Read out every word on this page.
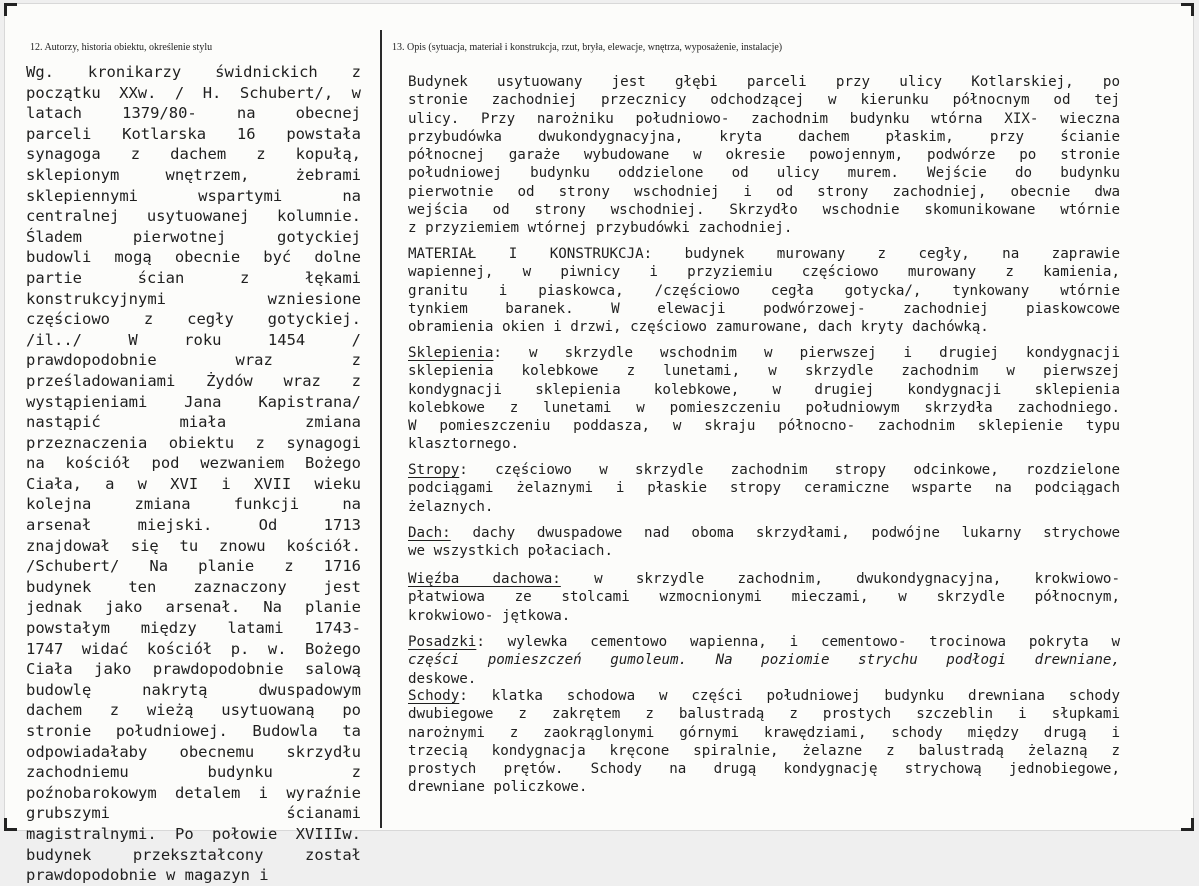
12. Autorzy, historia obiektu, określenie stylu	13. Opis (sytuacja, materiał i konstrukcja, rzut, bryła, elewacje, wnętrza, wyposażenie, instalacje)
Wg. kronikarzy świdnickich z
początku XXw. / H. Schubert/, w
latach 1379/80- na obecnej
parceli Kotlarska 16 powstała
synagoga z dachem z kopułą,
sklepionym wnętrzem, żebrami
sklepiennymi wspartymi na
centralnej usytuowanej kolumnie.
Śladem pierwotnej gotyckiej
budowli mogą obecnie być dolne
partie ścian z łękami
konstrukcyjnymi wzniesione
częściowo z cegły gotyckiej.
/il../ W roku 1454 /
prawdopodobnie wraz z
prześladowaniami Żydów wraz z
wystąpieniami Jana Kapistrana/
nastąpić miała zmiana
przeznaczenia obiektu z synagogi
na kościół pod wezwaniem Bożego
Ciała, a w XVI i XVII wieku
kolejna zmiana funkcji na
arsenał miejski. Od 1713
znajdował się tu znowu kościół.
/Schubert/ Na planie z 1716
budynek ten zaznaczony jest
jednak jako arsenał. Na planie
powstałym między latami 1743-
1747 widać kościół p. w. Bożego
Ciała jako prawdopodobnie salową
budowlę nakrytą dwuspadowym
dachem z wieżą usytuowaną po
stronie południowej. Budowla ta
odpowiadałaby obecnemu skrzydłu
zachodniemu budynku z
poźnobarokowym detalem i wyraźnie
grubszymi ścianami
magistralnymi. Po połowie XVIIIw.
budynek przekształcony został
prawdopodobnie w magazyn i
Budynek usytuowany jest głębi parceli przy ulicy Kotlarskiej, po
stronie zachodniej przecznicy odchodzącej w kierunku północnym od tej
ulicy. Przy narożniku południowo- zachodnim budynku wtórna XIX- wieczna
przybudówka dwukondygnacyjna, kryta dachem płaskim, przy ścianie
północnej garaże wybudowane w okresie powojennym, podwórze po stronie
południowej budynku oddzielone od ulicy murem. Wejście do budynku
pierwotnie od strony wschodniej i od strony zachodniej, obecnie dwa
wejścia od strony wschodniej. Skrzydło wschodnie skomunikowane wtórnie
z przyziemiem wtórnej przybudówki zachodniej.
MATERIAŁ I KONSTRUKCJA: budynek murowany z cegły, na zaprawie
wapiennej, w piwnicy i przyziemiu częściowo murowany z kamienia,
granitu i piaskowca, /częściowo cegła gotycka/, tynkowany wtórnie
tynkiem baranek. W elewacji podwórzowej- zachodniej piaskowcowe
obramienia okien i drzwi, częściowo zamurowane, dach kryty dachówką.
Sklepienia: w skrzydle wschodnim w pierwszej i drugiej kondygnacji
sklepienia kolebkowe z lunetami, w skrzydle zachodnim w pierwszej
kondygnacji sklepienia kolebkowe, w drugiej kondygnacji sklepienia
kolebkowe z lunetami w pomieszczeniu południowym skrzydła zachodniego.
W pomieszczeniu poddasza, w skraju północno- zachodnim sklepienie typu
klasztornego.
Stropy: częściowo w skrzydle zachodnim stropy odcinkowe, rozdzielone
podciągami żelaznymi i płaskie stropy ceramiczne wsparte na podciągach
żelaznych.
Dach: dachy dwuspadowe nad oboma skrzydłami, podwójne lukarny strychowe
we wszystkich połaciach.
Więźba dachowa: w skrzydle zachodnim, dwukondygnacyjna, krokwiowo-
płatwiowa ze stolcami wzmocnionymi mieczami, w skrzydle północnym,
krokwiowo- jętkowa.
Posadzki: wylewka cementowo wapienna, i cementowo- trocinowa pokryta w
części pomieszczeń gumoleum. Na poziomie strychu podłogi drewniane,
deskowe.
Schody: klatka schodowa w części południowej budynku drewniana schody
dwubiegowe z zakrętem z balustradą z prostych szczeblin i słupkami
narożnymi z zaokrąglonymi górnymi krawędziami, schody między drugą i
trzecią kondygnacja kręcone spiralnie, żelazne z balustradą żelazną z
prostych prętów. Schody na drugą kondygnację strychową jednobiegowe,
drewniane policzkowe.
